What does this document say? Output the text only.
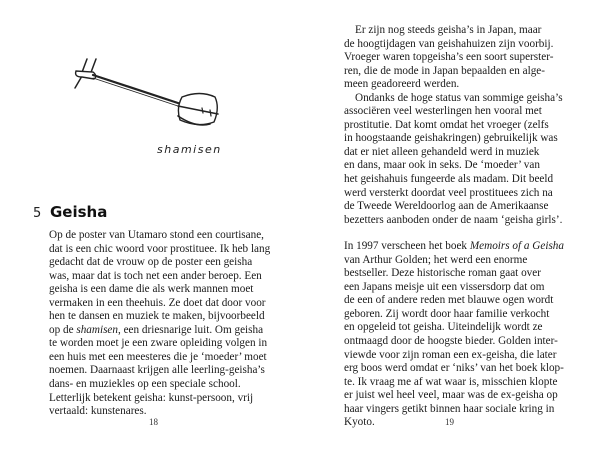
shamisen
5 Geisha
Op de poster van Utamaro stond een courtisane,
dat is een chic woord voor prostituee. Ik heb lang
gedacht dat de vrouw op de poster een geisha
was, maar dat is toch net een ander beroep. Een
geisha is een dame die als werk mannen moet
vermaken in een theehuis. Ze doet dat door voor
hen te dansen en muziek te maken, bijvoorbeeld
op de shamisen, een driesnarige luit. Om geisha
te worden moet je een zware opleiding volgen in
een huis met een meesteres die je ‘moeder’ moet
noemen. Daarnaast krijgen alle leerling-geisha’s
dans- en muziekles op een speciale school.
Letterlijk betekent geisha: kunst-persoon, vrij
vertaald: kunstenares.
18
Er zijn nog steeds geisha’s in Japan, maar
de hoogtijdagen van geishahuizen zijn voorbij.
Vroeger waren topgeisha’s een soort superster-
ren, die de mode in Japan bepaalden en alge-
meen geadoreerd werden.
Ondanks de hoge status van sommige geisha’s
associëren veel westerlingen hen vooral met
prostitutie. Dat komt omdat het vroeger (zelfs
in hoogstaande geishakringen) gebruikelijk was
dat er niet alleen gehandeld werd in muziek
en dans, maar ook in seks. De ‘moeder’ van
het geishahuis fungeerde als madam. Dit beeld
werd versterkt doordat veel prostituees zich na
de Tweede Wereldoorlog aan de Amerikaanse
bezetters aanboden onder de naam ‘geisha girls’.
In 1997 verscheen het boek Memoirs of a Geisha
van Arthur Golden; het werd een enorme
bestseller. Deze historische roman gaat over
een Japans meisje uit een vissersdorp dat om
de een of andere reden met blauwe ogen wordt
geboren. Zij wordt door haar familie verkocht
en opgeleid tot geisha. Uiteindelijk wordt ze
ontmaagd door de hoogste bieder. Golden inter-
viewde voor zijn roman een ex-geisha, die later
erg boos werd omdat er ‘niks’ van het boek klop-
te. Ik vraag me af wat waar is, misschien klopte
er juist wel heel veel, maar was de ex-geisha op
haar vingers getikt binnen haar sociale kring in
Kyoto.	19
